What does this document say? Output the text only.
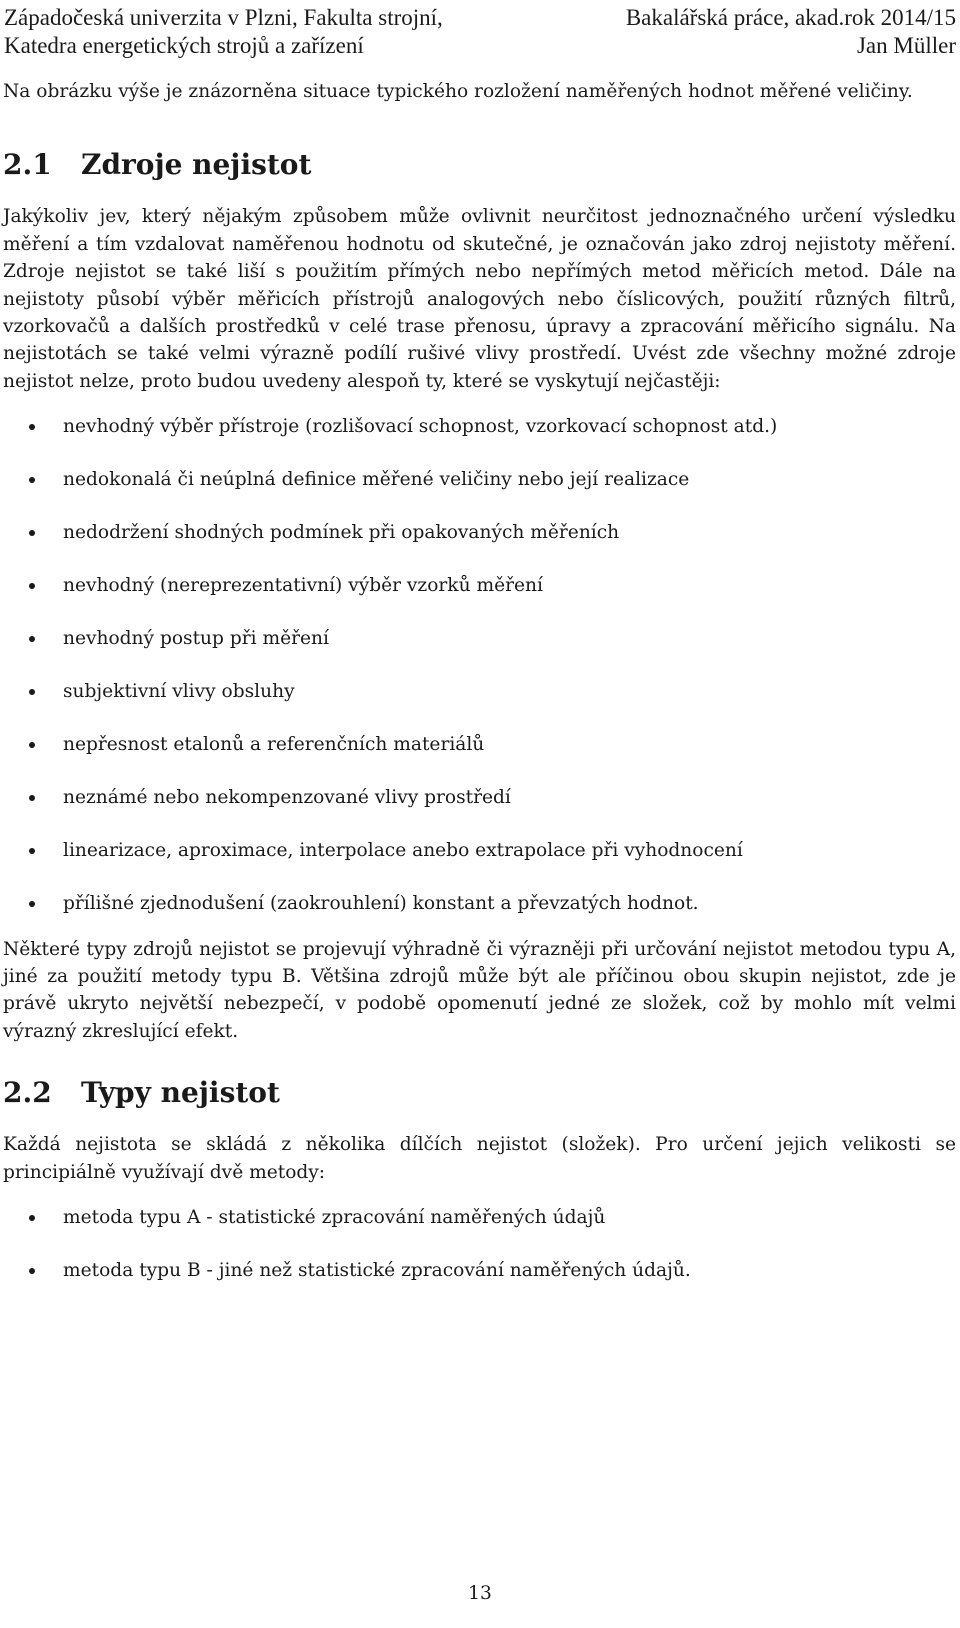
Západočeská univerzita v Plzni, Fakulta strojní,	Bakalářská práce, akad.rok 2014/15
Katedra energetických strojů a zařízení	Jan Müller

Na obrázku výše je znázorněna situace typického rozložení naměřených hodnot měřené veličiny.

2.1	Zdroje nejistot

Jakýkoliv jev, který nějakým způsobem může ovlivnit neurčitost jednoznačného určení výsledku měření a tím vzdalovat naměřenou hodnotu od skutečné, je označován jako zdroj nejistoty měření. Zdroje nejistot se také liší s použitím přímých nebo nepřímých metod měřicích metod. Dále na nejistoty působí výběr měřicích přístrojů analogových nebo číslicových, použití různých filtrů, vzorkovačů a dalších prostředků v celé trase přenosu, úpravy a zpracování měřicího signálu. Na nejistotách se také velmi výrazně podílí rušivé vlivy prostředí. Uvést zde všechny možné zdroje nejistot nelze, proto budou uvedeny alespoň ty, které se vyskytují nejčastěji:

nevhodný výběr přístroje (rozlišovací schopnost, vzorkovací schopnost atd.)
nedokonalá či neúplná definice měřené veličiny nebo její realizace
nedodržení shodných podmínek při opakovaných měřeních
nevhodný (nereprezentativní) výběr vzorků měření
nevhodný postup při měření
subjektivní vlivy obsluhy
nepřesnost etalonů a referenčních materiálů
neznámé nebo nekompenzované vlivy prostředí
linearizace, aproximace, interpolace anebo extrapolace při vyhodnocení
přílišné zjednodušení (zaokrouhlení) konstant a převzatých hodnot.

Některé typy zdrojů nejistot se projevují výhradně či výrazněji při určování nejistot metodou typu A, jiné za použití metody typu B. Většina zdrojů může být ale příčinou obou skupin nejistot, zde je právě ukryto největší nebezpečí, v podobě opomenutí jedné ze složek, což by mohlo mít velmi výrazný zkreslující efekt.

2.2	Typy nejistot

Každá nejistota se skládá z několika dílčích nejistot (složek). Pro určení jejich velikosti se principiálně využívají dvě metody:

metoda typu A - statistické zpracování naměřených údajů
metoda typu B - jiné než statistické zpracování naměřených údajů.
13
